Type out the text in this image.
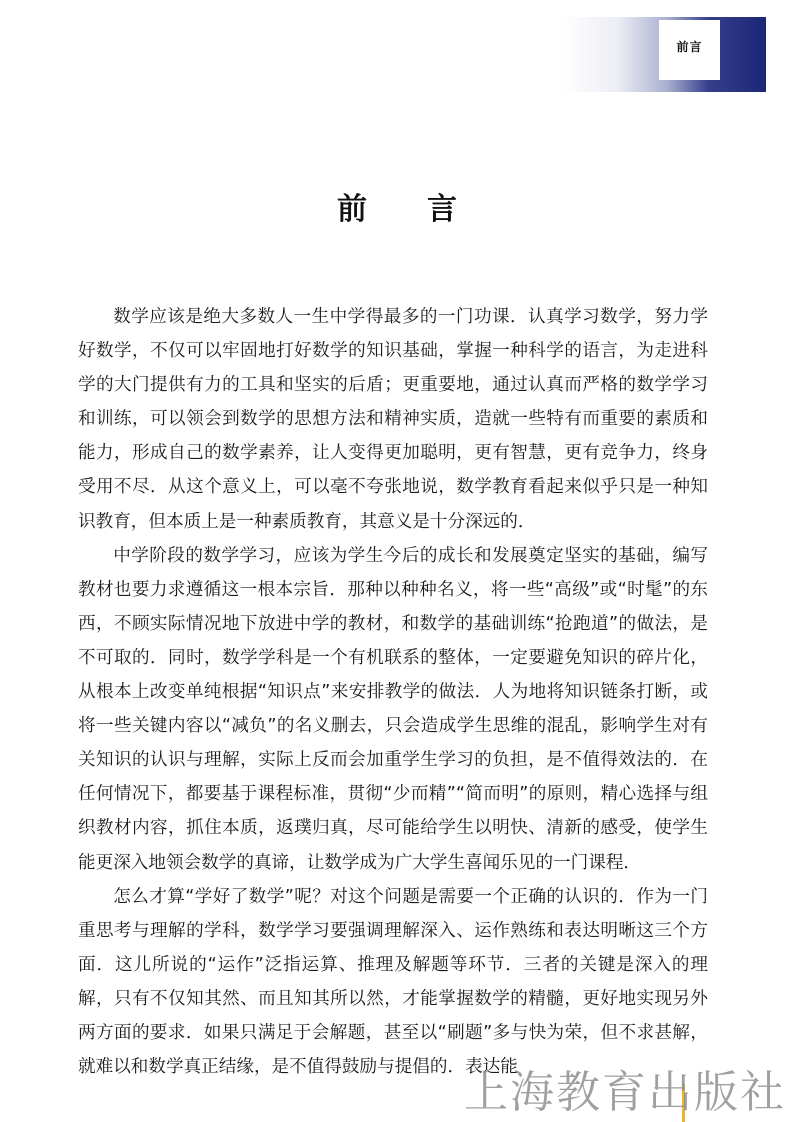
前言
前 言

数学应该是绝大多数人一生中学得最多的一门功课．认真学习数学，努力学好数学，不仅可以牢固地打好数学的知识基础，掌握一种科学的语言，为走进科学的大门提供有力的工具和坚实的后盾；更重要地，通过认真而严格的数学学习和训练，可以领会到数学的思想方法和精神实质，造就一些特有而重要的素质和能力，形成自己的数学素养，让人变得更加聪明，更有智慧，更有竞争力，终身受用不尽．从这个意义上，可以毫不夸张地说，数学教育看起来似乎只是一种知识教育，但本质上是一种素质教育，其意义是十分深远的．

中学阶段的数学学习，应该为学生今后的成长和发展奠定坚实的基础，编写教材也要力求遵循这一根本宗旨．那种以种种名义，将一些“高级”或“时髦”的东西，不顾实际情况地下放进中学的教材，和数学的基础训练“抢跑道”的做法，是不可取的．同时，数学学科是一个有机联系的整体，一定要避免知识的碎片化，从根本上改变单纯根据“知识点”来安排教学的做法．人为地将知识链条打断，或将一些关键内容以“减负”的名义删去，只会造成学生思维的混乱，影响学生对有关知识的认识与理解，实际上反而会加重学生学习的负担，是不值得效法的．在任何情况下，都要基于课程标准，贯彻“少而精”“简而明”的原则，精心选择与组织教材内容，抓住本质，返璞归真，尽可能给学生以明快、清新的感受，使学生能更深入地领会数学的真谛，让数学成为广大学生喜闻乐见的一门课程．

怎么才算“学好了数学”呢？对这个问题是需要一个正确的认识的．作为一门重思考与理解的学科，数学学习要强调理解深入、运作熟练和表达明晰这三个方面．这儿所说的“运作”泛指运算、推理及解题等环节．三者的关键是深入的理解，只有不仅知其然、而且知其所以然，才能掌握数学的精髓，更好地实现另外两方面的要求．如果只满足于会解题，甚至以“刷题”多与快为荣，但不求甚解，就难以和数学真正结缘，是不值得鼓励与提倡的．表达能

上海教育出版社
